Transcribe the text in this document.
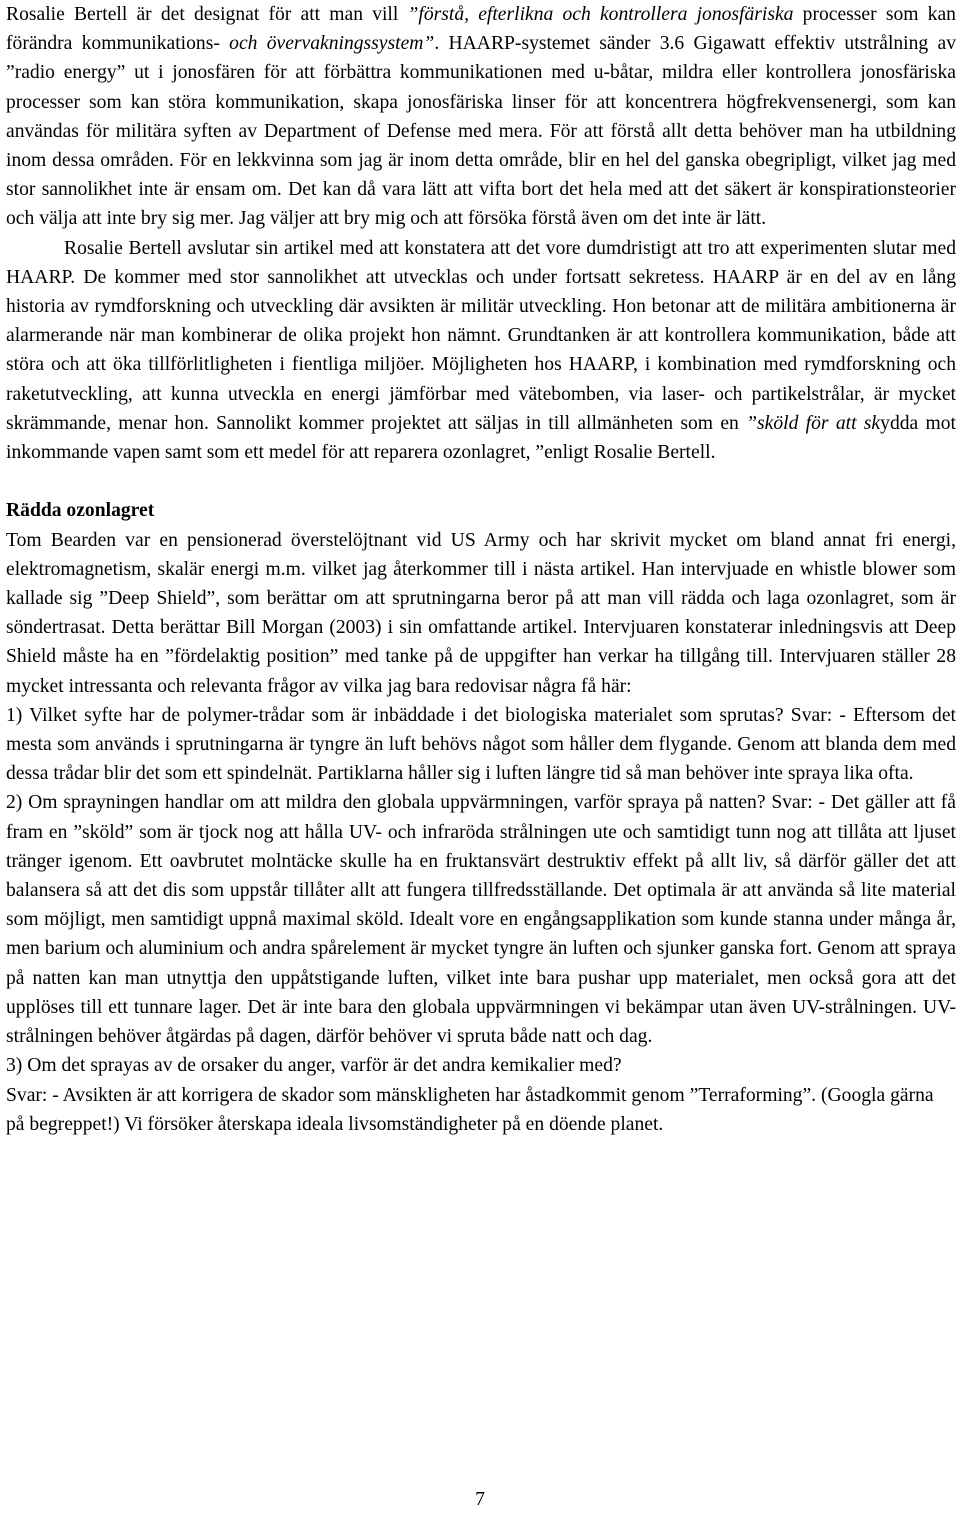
Rosalie Bertell är det designat för att man vill ”förstå, efterlikna och kontrollera jonosfäriska processer som kan förändra kommunikations- och övervakningssystem”. HAARP-systemet sänder 3.6 Gigawatt effektiv utstrålning av ”radio energy” ut i jonosfären för att förbättra kommunikationen med u-båtar, mildra eller kontrollera jonosfäriska processer som kan störa kommunikation, skapa jonosfäriska linser för att koncentrera högfrekvensenergi, som kan användas för militära syften av Department of Defense med mera. För att förstå allt detta behöver man ha utbildning inom dessa områden. För en lekkvinna som jag är inom detta område, blir en hel del ganska obegripligt, vilket jag med stor sannolikhet inte är ensam om. Det kan då vara lätt att vifta bort det hela med att det säkert är konspirationsteorier och välja att inte bry sig mer. Jag väljer att bry mig och att försöka förstå även om det inte är lätt.

Rosalie Bertell avslutar sin artikel med att konstatera att det vore dumdristigt att tro att experimenten slutar med HAARP. De kommer med stor sannolikhet att utvecklas och under fortsatt sekretess. HAARP är en del av en lång historia av rymdforskning och utveckling där avsikten är militär utveckling. Hon betonar att de militära ambitionerna är alarmerande när man kombinerar de olika projekt hon nämnt. Grundtanken är att kontrollera kommunikation, både att störa och att öka tillförlitligheten i fientliga miljöer. Möjligheten hos HAARP, i kombination med rymdforskning och raketutveckling, att kunna utveckla en energi jämförbar med vätebomben, via laser- och partikelstrålar, är mycket skrämmande, menar hon. Sannolikt kommer projektet att säljas in till allmänheten som en ”sköld för att skydda mot inkommande vapen samt som ett medel för att reparera ozonlagret, ”enligt Rosalie Bertell.

Rädda ozonlagret

Tom Bearden var en pensionerad överstelöjtnant vid US Army och har skrivit mycket om bland annat fri energi, elektromagnetism, skalär energi m.m. vilket jag återkommer till i nästa artikel. Han intervjuade en whistle blower som kallade sig ”Deep Shield”, som berättar om att sprutningarna beror på att man vill rädda och laga ozonlagret, som är söndertrasat. Detta berättar Bill Morgan (2003) i sin omfattande artikel. Intervjuaren konstaterar inledningsvis att Deep Shield måste ha en ”fördelaktig position” med tanke på de uppgifter han verkar ha tillgång till. Intervjuaren ställer 28 mycket intressanta och relevanta frågor av vilka jag bara redovisar några få här:

1) Vilket syfte har de polymer-trådar som är inbäddade i det biologiska materialet som sprutas? Svar: - Eftersom det mesta som används i sprutningarna är tyngre än luft behövs något som håller dem flygande. Genom att blanda dem med dessa trådar blir det som ett spindelnät. Partiklarna håller sig i luften längre tid så man behöver inte spraya lika ofta.

2) Om sprayningen handlar om att mildra den globala uppvärmningen, varför spraya på natten? Svar: - Det gäller att få fram en ”sköld” som är tjock nog att hålla UV- och infraröda strålningen ute och samtidigt tunn nog att tillåta att ljuset tränger igenom. Ett oavbrutet molntäcke skulle ha en fruktansvärt destruktiv effekt på allt liv, så därför gäller det att balansera så att det dis som uppstår tillåter allt att fungera tillfredsställande. Det optimala är att använda så lite material som möjligt, men samtidigt uppnå maximal sköld. Idealt vore en engångsapplikation som kunde stanna under många år, men barium och aluminium och andra spårelement är mycket tyngre än luften och sjunker ganska fort. Genom att spraya på natten kan man utnyttja den uppåtstigande luften, vilket inte bara pushar upp materialet, men också gora att det upplöses till ett tunnare lager. Det är inte bara den globala uppvärmningen vi bekämpar utan även UV-strålningen. UV-strålningen behöver åtgärdas på dagen, därför behöver vi spruta både natt och dag.

3) Om det sprayas av de orsaker du anger, varför är det andra kemikalier med?

Svar: - Avsikten är att korrigera de skador som mänskligheten har åstadkommit genom ”Terraforming”. (Googla gärna på begreppet!) Vi försöker återskapa ideala livsomständigheter på en döende planet.

7
